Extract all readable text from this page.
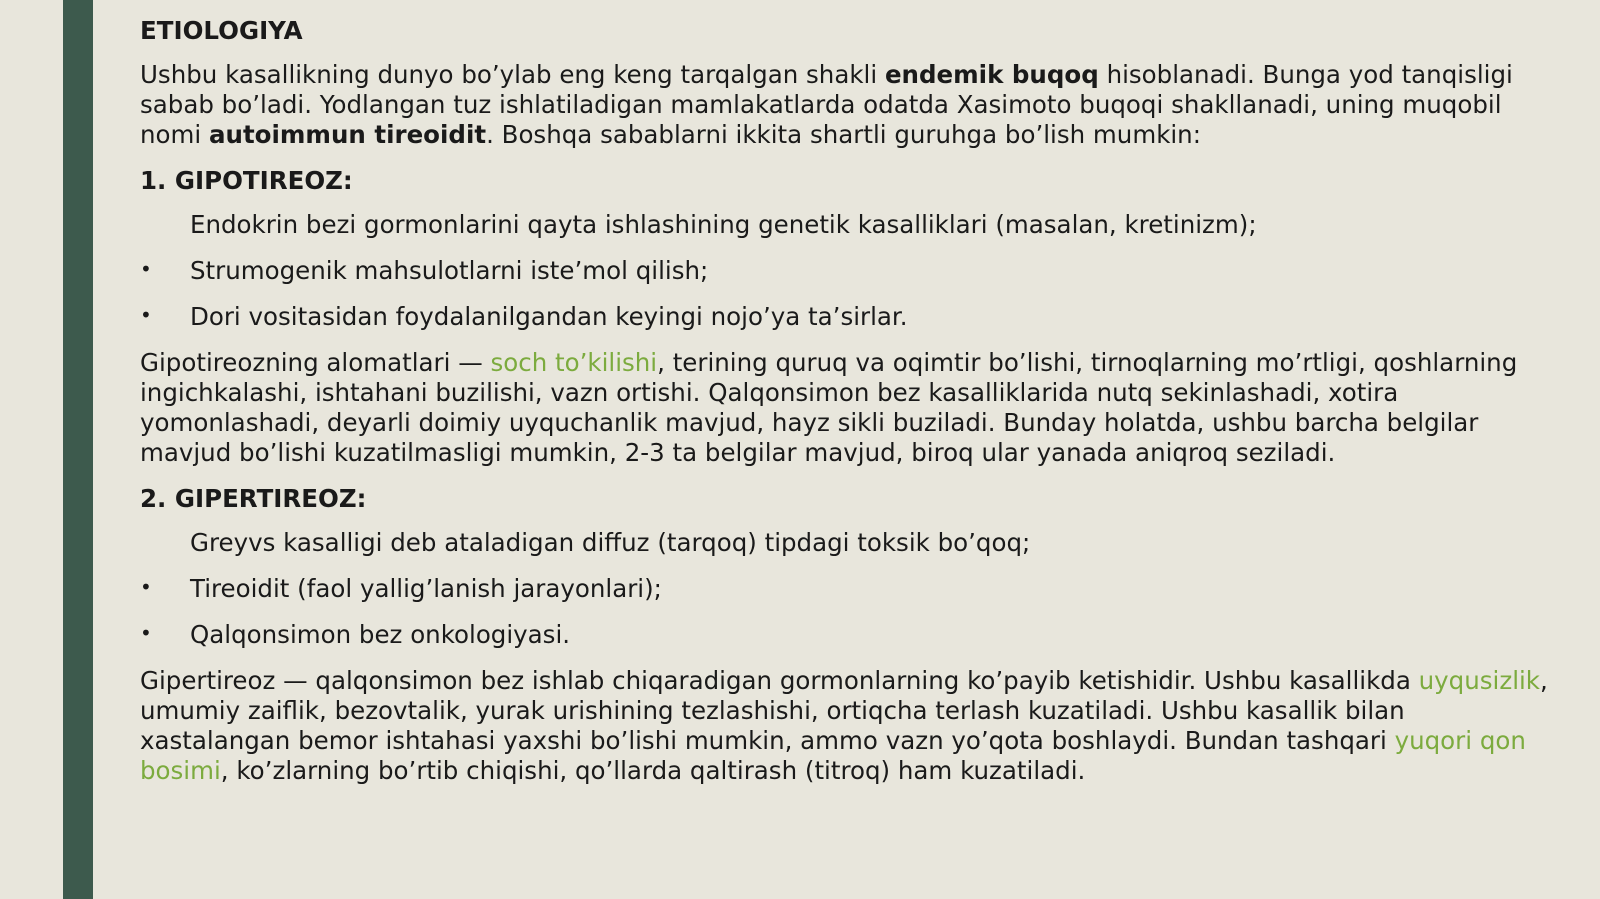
ETIOLOGIYA

Ushbu kasallikning dunyo bo’ylab eng keng tarqalgan shakli endemik buqoq hisoblanadi. Bunga yod tanqisligi sabab bo’ladi. Yodlangan tuz ishlatiladigan mamlakatlarda odatda Xasimoto buqoqi shakllanadi, uning muqobil nomi autoimmun tireoidit. Boshqa sabablarni ikkita shartli guruhga bo’lish mumkin:

1. GIPOTIREOZ:
Endokrin bezi gormonlarini qayta ishlashining genetik kasalliklari (masalan, kretinizm);
• Strumogenik mahsulotlarni iste’mol qilish;
• Dori vositasidan foydalanilgandan keyingi nojo’ya ta’sirlar.

Gipotireozning alomatlari — soch to’kilishi, terining quruq va oqimtir bo’lishi, tirnoqlarning mo’rtligi, qoshlarning ingichkalashi, ishtahani buzilishi, vazn ortishi. Qalqonsimon bez kasalliklarida nutq sekinlashadi, xotira yomonlashadi, deyarli doimiy uyquchanlik mavjud, hayz sikli buziladi. Bunday holatda, ushbu barcha belgilar mavjud bo’lishi kuzatilmasligi mumkin, 2-3 ta belgilar mavjud, biroq ular yanada aniqroq seziladi.

2. GIPERTIREOZ:
Greyvs kasalligi deb ataladigan diffuz (tarqoq) tipdagi toksik bo’qoq;
• Tireoidit (faol yallig’lanish jarayonlari);
• Qalqonsimon bez onkologiyasi.

Gipertireoz — qalqonsimon bez ishlab chiqaradigan gormonlarning ko’payib ketishidir. Ushbu kasallikda uyqusizlik, umumiy zaiflik, bezovtalik, yurak urishining tezlashishi, ortiqcha terlash kuzatiladi. Ushbu kasallik bilan xastalangan bemor ishtahasi yaxshi bo’lishi mumkin, ammo vazn yo’qota boshlaydi. Bundan tashqari yuqori qon bosimi, ko’zlarning bo’rtib chiqishi, qo’llarda qaltirash (titroq) ham kuzatiladi.
